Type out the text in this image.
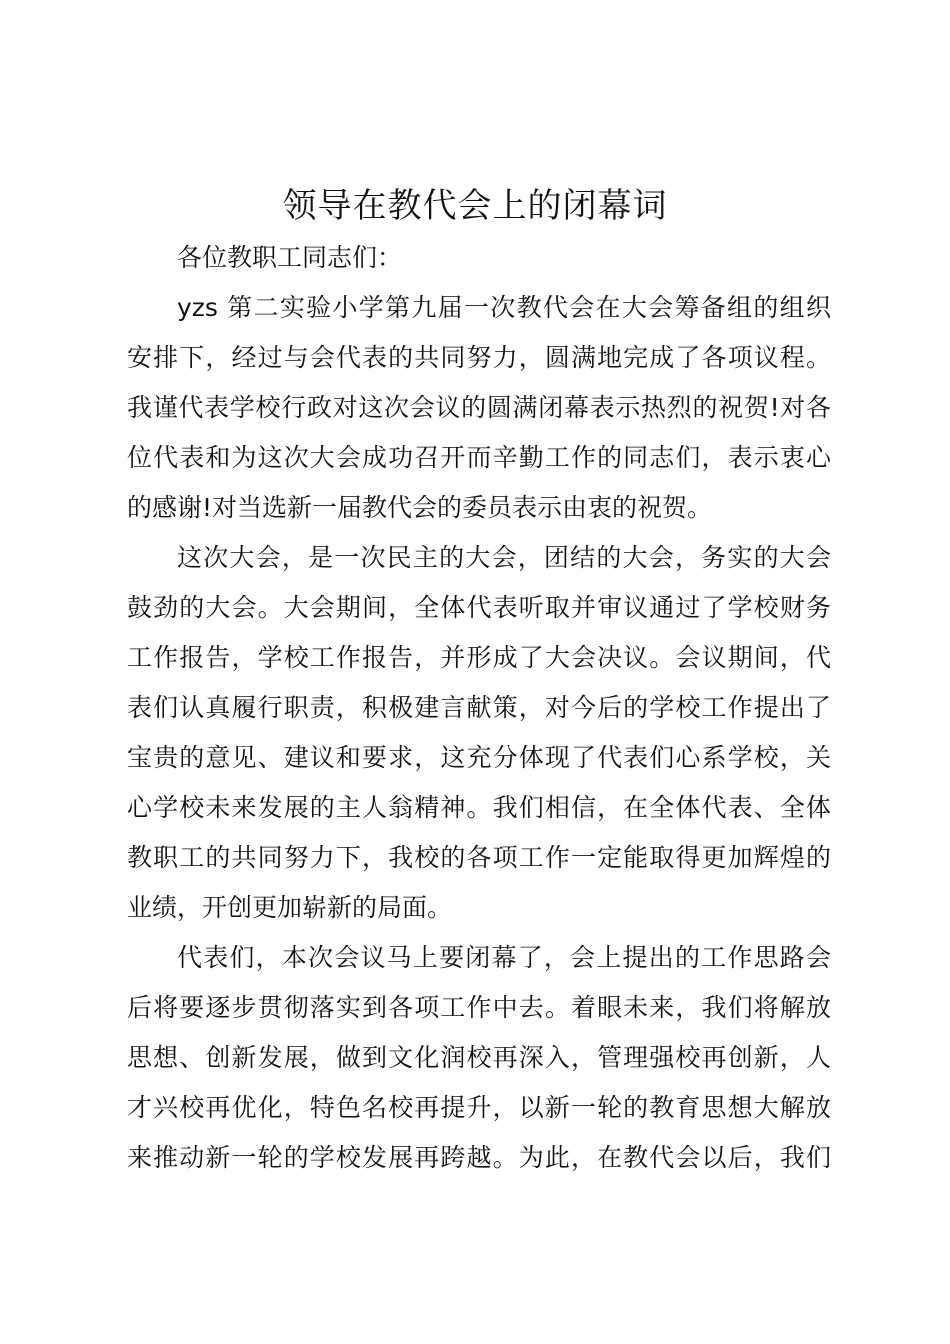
领导在教代会上的闭幕词
各位教职工同志们：
yzs 第二实验小学第九届一次教代会在大会筹备组的组织
安排下，经过与会代表的共同努力，圆满地完成了各项议程。
我谨代表学校行政对这次会议的圆满闭幕表示热烈的祝贺!对各
位代表和为这次大会成功召开而辛勤工作的同志们，表示衷心
的感谢!对当选新一届教代会的委员表示由衷的祝贺。
这次大会，是一次民主的大会，团结的大会，务实的大会
鼓劲的大会。大会期间，全体代表听取并审议通过了学校财务
工作报告，学校工作报告，并形成了大会决议。会议期间，代
表们认真履行职责，积极建言献策，对今后的学校工作提出了
宝贵的意见、建议和要求，这充分体现了代表们心系学校，关
心学校未来发展的主人翁精神。我们相信，在全体代表、全体
教职工的共同努力下，我校的各项工作一定能取得更加辉煌的
业绩，开创更加崭新的局面。
代表们，本次会议马上要闭幕了，会上提出的工作思路会
后将要逐步贯彻落实到各项工作中去。着眼未来，我们将解放
思想、创新发展，做到文化润校再深入，管理强校再创新，人
才兴校再优化，特色名校再提升，以新一轮的教育思想大解放
来推动新一轮的学校发展再跨越。为此，在教代会以后，我们
